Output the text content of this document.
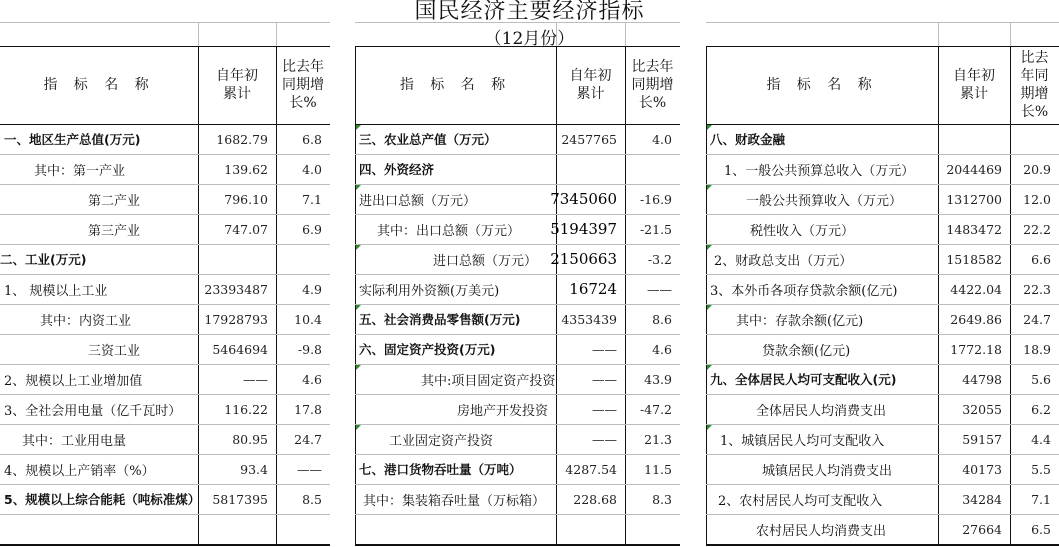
国民经济主要经济指标
（12月份）
指 标 名 称
自年初
累计
比去年
同期增
长%
一、地区生产总值(万元)	1682.79	6.8
其中：第一产业	139.62	4.0
第二产业	796.10	7.1
第三产业	747.07	6.9
二、工业(万元)
1、 规模以上工业	23393487	4.9
其中：内资工业	17928793	10.4
三资工业	5464694	-9.8
2、规模以上工业增加值	——	4.6
3、全社会用电量（亿千瓦时）	116.22	17.8
其中：工业用电量	80.95	24.7
4、规模以上产销率（%）	93.4	——
5、规模以上综合能耗（吨标准煤） 5817395	8.5
指 标 名 称
自年初
累计
比去年
同期增
长%
三、农业总产值（万元）	2457765	4.0
四、外资经济
进出口总额（万元）	7345060	-16.9
其中：出口总额（万元）	5194397	-21.5
进口总额（万元） 2150663	-3.2
实际利用外资额(万美元)	16724	——
五、社会消费品零售额(万元)	4353439	8.6
六、固定资产投资(万元)	——	4.6
其中:项目固定资产投资	——	43.9
房地产开发投资	——	-47.2
工业固定资产投资	——	21.3
七、港口货物吞吐量（万吨）	4287.54	11.5
其中：集装箱吞吐量（万标箱）	228.68	8.3
指 标 名 称
自年初
累计
比去
年同
期增
长%
八、财政金融
1、一般公共预算总收入（万元）	2044469	20.9
一般公共预算收入（万元）	1312700	12.0
税性收入（万元）	1483472	22.2
2、财政总支出（万元）	1518582	6.6
3、本外币各项存贷款余额(亿元)	4422.04	22.3
其中：存款余额(亿元)	2649.86	24.7
贷款余额(亿元)	1772.18	18.9
九、全体居民人均可支配收入(元)	44798	5.6
全体居民人均消费支出	32055	6.2
1、城镇居民人均可支配收入	59157	4.4
城镇居民人均消费支出	40173	5.5
2、农村居民人均可支配收入	34284	7.1
农村居民人均消费支出	27664	6.5
